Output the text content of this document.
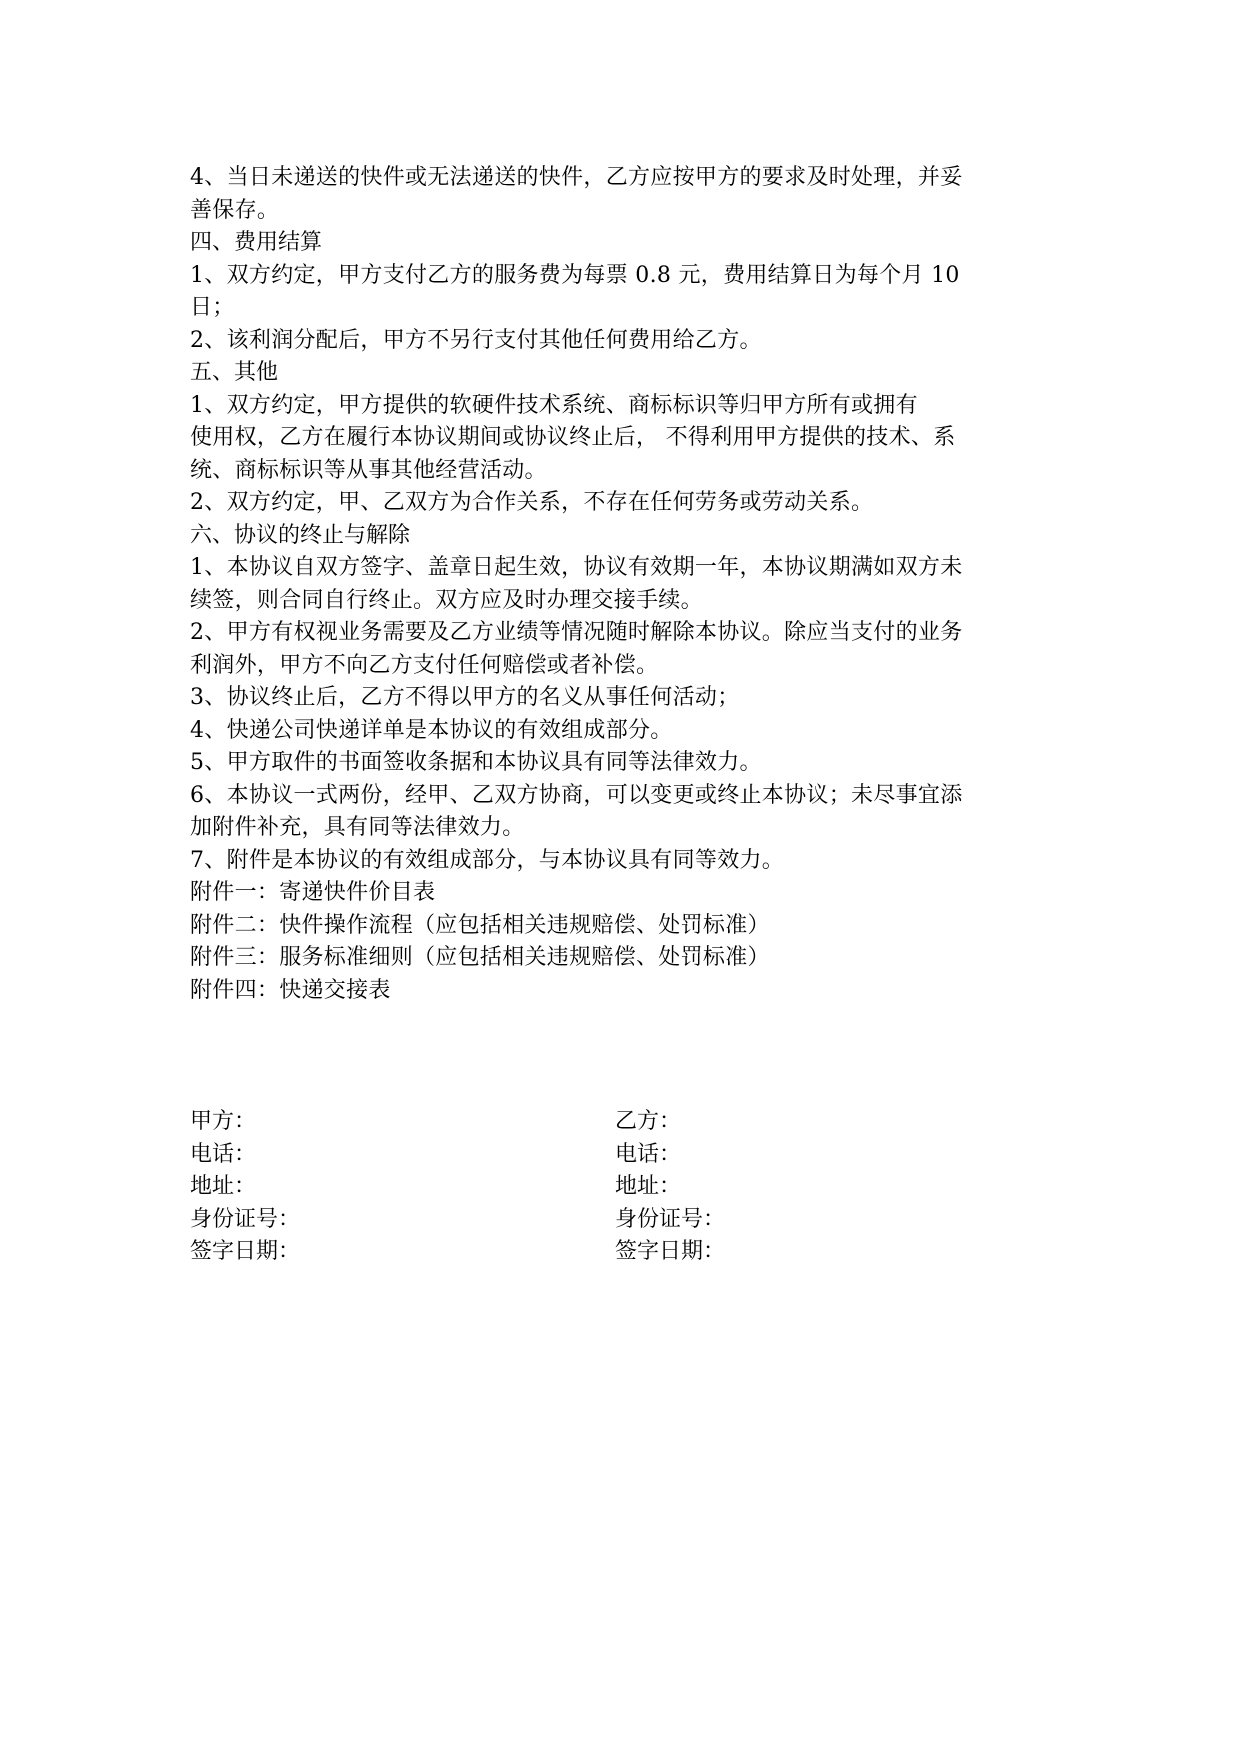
4、当日未递送的快件或无法递送的快件，乙方应按甲方的要求及时处理，并妥
善保存。
四、费用结算
1、双方约定，甲方支付乙方的服务费为每票 0.8 元，费用结算日为每个月 10
日；
2、该利润分配后，甲方不另行支付其他任何费用给乙方。
五、其他
1、双方约定，甲方提供的软硬件技术系统、商标标识等归甲方所有或拥有
使用权，乙方在履行本协议期间或协议终止后， 不得利用甲方提供的技术、系
统、商标标识等从事其他经营活动。
2、双方约定，甲、乙双方为合作关系，不存在任何劳务或劳动关系。
六、协议的终止与解除
1、本协议自双方签字、盖章日起生效，协议有效期一年，本协议期满如双方未
续签，则合同自行终止。双方应及时办理交接手续。
2、甲方有权视业务需要及乙方业绩等情况随时解除本协议。除应当支付的业务
利润外，甲方不向乙方支付任何赔偿或者补偿。
3、协议终止后，乙方不得以甲方的名义从事任何活动；
4、快递公司快递详单是本协议的有效组成部分。
5、甲方取件的书面签收条据和本协议具有同等法律效力。
6、本协议一式两份，经甲、乙双方协商，可以变更或终止本协议；未尽事宜添
加附件补充，具有同等法律效力。
7、附件是本协议的有效组成部分，与本协议具有同等效力。
附件一：寄递快件价目表
附件二：快件操作流程（应包括相关违规赔偿、处罚标准）
附件三：服务标准细则（应包括相关违规赔偿、处罚标准）
附件四：快递交接表
甲方：	乙方：
电话：	电话：
地址：	地址：
身份证号：	身份证号：
签字日期：	签字日期：
